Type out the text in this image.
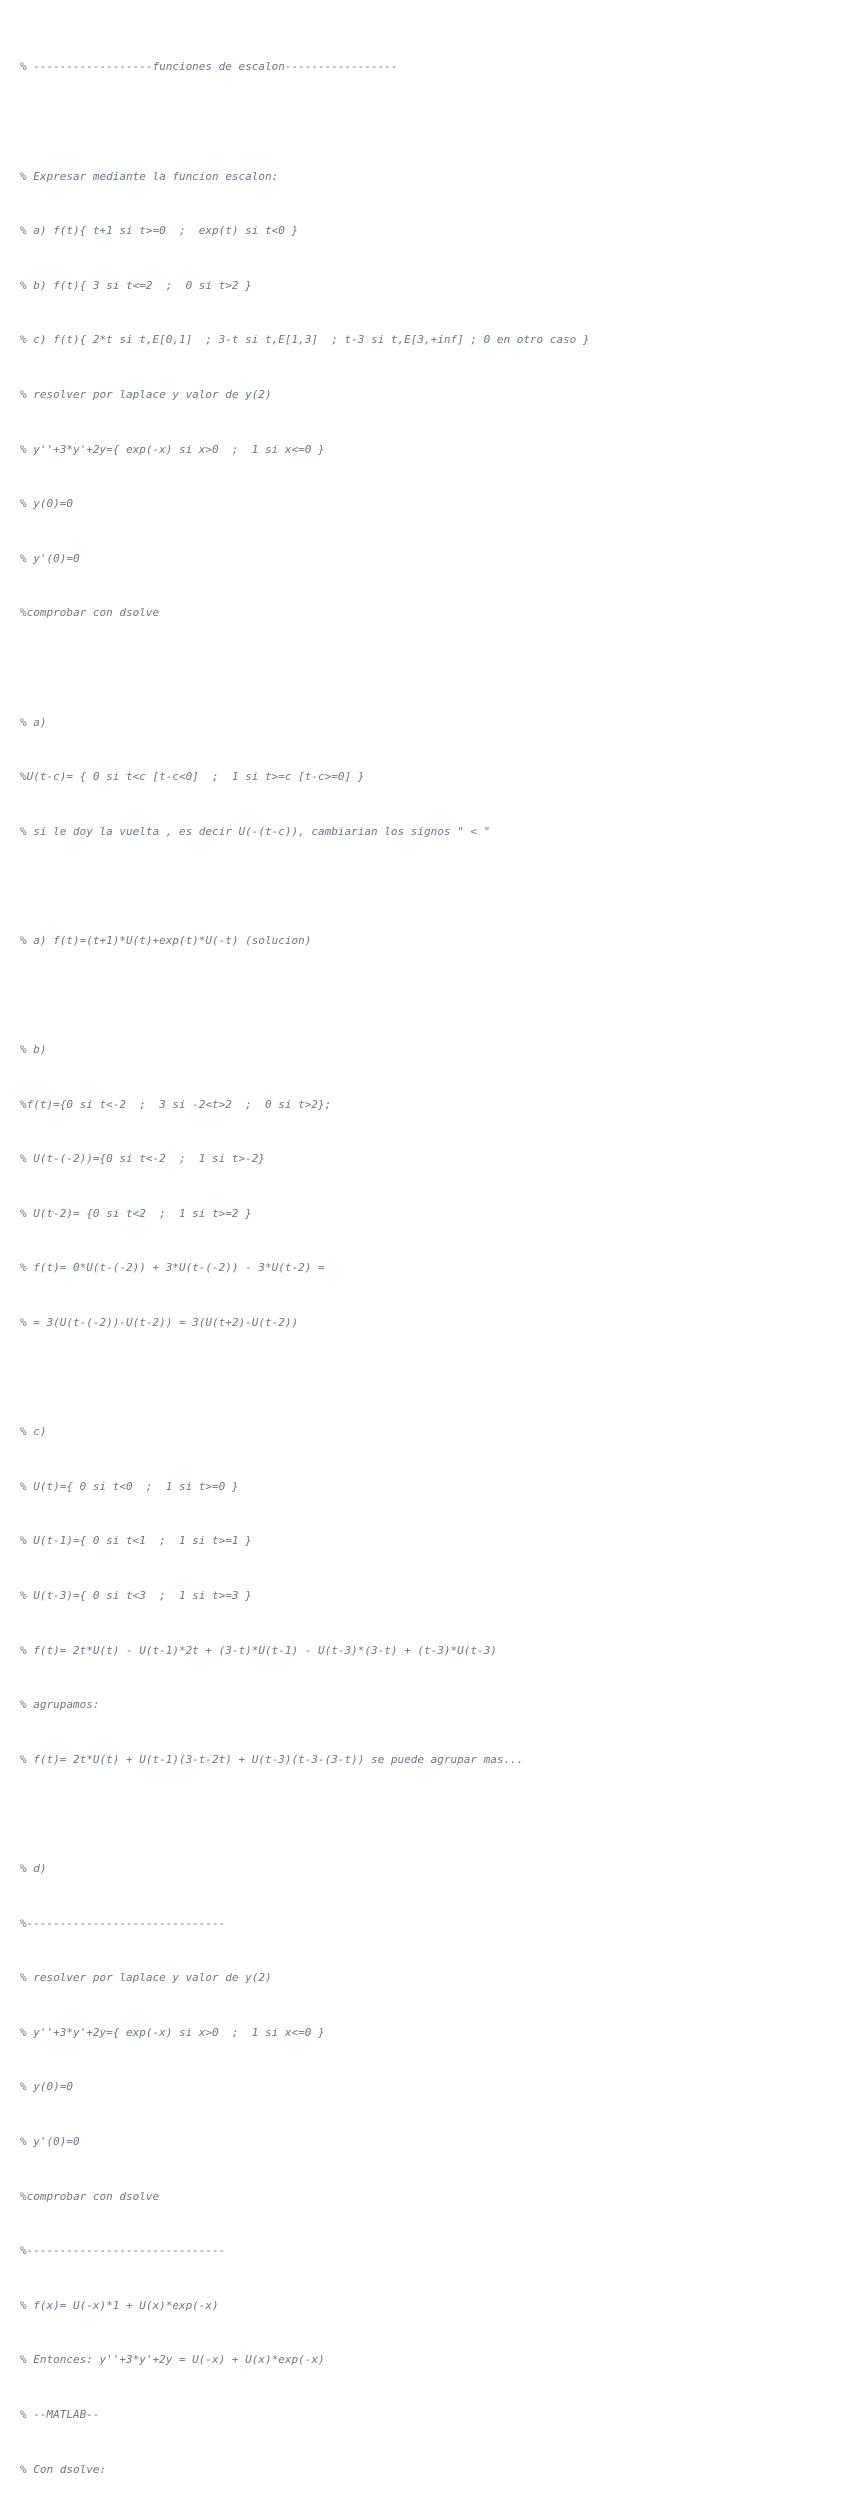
% ------------------funciones de escalon-----------------

% Expresar mediante la funcion escalon:

% a) f(t){ t+1 si t>=0  ;  exp(t) si t<0 }

% b) f(t){ 3 si t<=2  ;  0 si t>2 }

% c) f(t){ 2*t si t,E[0,1]  ; 3-t si t,E[1,3]  ; t-3 si t,E[3,+inf] ; 0 en otro caso }

% resolver por laplace y valor de y(2)

% y''+3*y'+2y={ exp(-x) si x>0  ;  1 si x<=0 }

% y(0)=0

% y'(0)=0

%comprobar con dsolve

% a)

%U(t-c)= { 0 si t<c [t-c<0]  ;  1 si t>=c [t-c>=0] }

% si le doy la vuelta , es decir U(-(t-c)), cambiarian los signos " < "

% a) f(t)=(t+1)*U(t)+exp(t)*U(-t) (solucion)

% b)

%f(t)={0 si t<-2  ;  3 si -2<t>2  ;  0 si t>2};

% U(t-(-2))={0 si t<-2  ;  1 si t>-2}

% U(t-2)= {0 si t<2  ;  1 si t>=2 }

% f(t)= 0*U(t-(-2)) + 3*U(t-(-2)) - 3*U(t-2) =

% = 3(U(t-(-2))-U(t-2)) = 3(U(t+2)-U(t-2))

% c)

% U(t)={ 0 si t<0  ;  1 si t>=0 }

% U(t-1)={ 0 si t<1  ;  1 si t>=1 }

% U(t-3)={ 0 si t<3  ;  1 si t>=3 }

% f(t)= 2t*U(t) - U(t-1)*2t + (3-t)*U(t-1) - U(t-3)*(3-t) + (t-3)*U(t-3)

% agrupamos:

% f(t)= 2t*U(t) + U(t-1)(3-t-2t) + U(t-3)(t-3-(3-t)) se puede agrupar mas...

% d)

%------------------------------

% resolver por laplace y valor de y(2)

% y''+3*y'+2y={ exp(-x) si x>0  ;  1 si x<=0 }

% y(0)=0

% y'(0)=0

%comprobar con dsolve

%------------------------------

% f(x)= U(-x)*1 + U(x)*exp(-x)

% Entonces: y''+3*y'+2y = U(-x) + U(x)*exp(-x)

% --MATLAB--

% Con dsolve:
